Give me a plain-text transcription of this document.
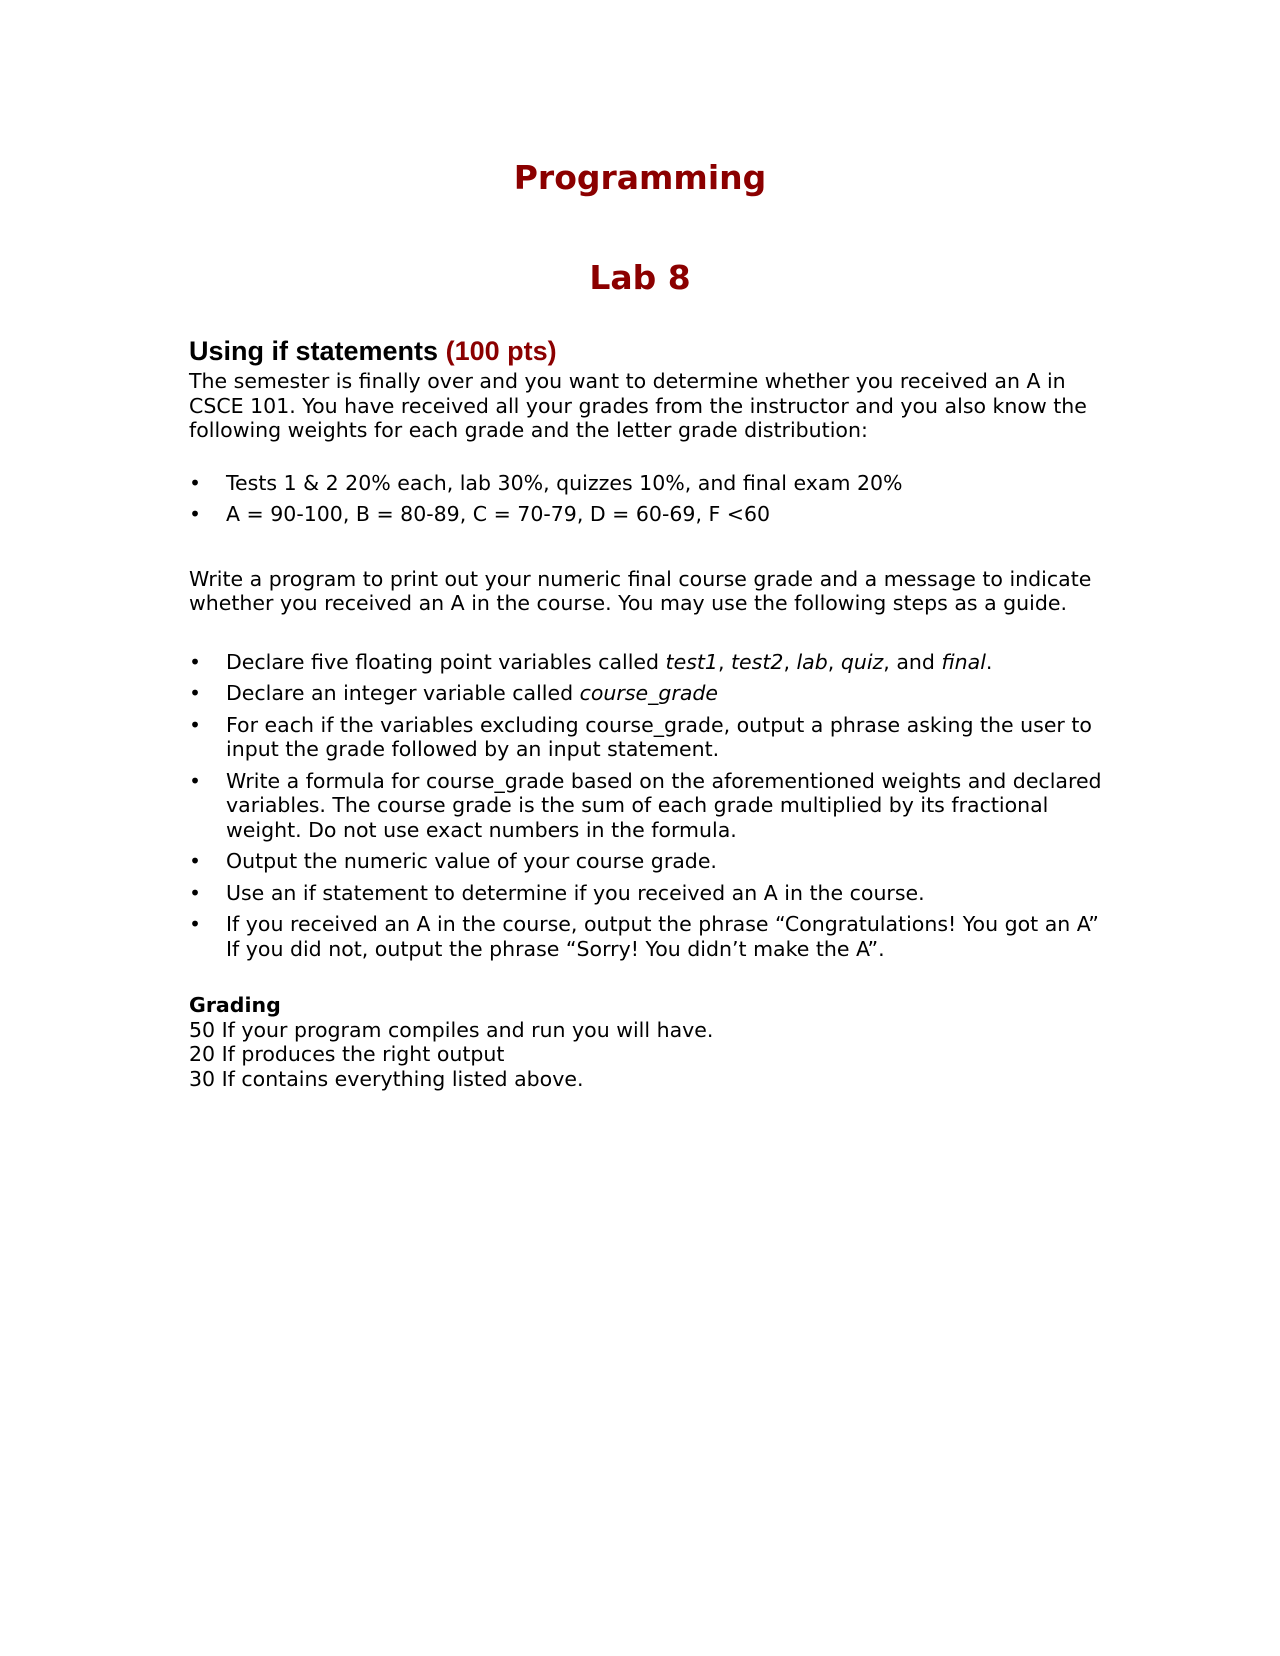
Programming
Lab 8
Using if statements (100 pts)

The semester is finally over and you want to determine whether you received an A in CSCE 101. You have received all your grades from the instructor and you also know the following weights for each grade and the letter grade distribution:

• Tests 1 & 2 20% each, lab 30%, quizzes 10%, and final exam 20%
• A = 90-100, B = 80-89, C = 70-79, D = 60-69, F <60

Write a program to print out your numeric final course grade and a message to indicate whether you received an A in the course. You may use the following steps as a guide.

• Declare five floating point variables called test1, test2, lab, quiz, and final.
• Declare an integer variable called course_grade
• For each if the variables excluding course_grade, output a phrase asking the user to input the grade followed by an input statement.
• Write a formula for course_grade based on the aforementioned weights and declared variables. The course grade is the sum of each grade multiplied by its fractional weight. Do not use exact numbers in the formula.
• Output the numeric value of your course grade.
• Use an if statement to determine if you received an A in the course.
• If you received an A in the course, output the phrase “Congratulations! You got an A” If you did not, output the phrase “Sorry! You didn’t make the A”.

Grading

50 If your program compiles and run you will have.

20 If produces the right output

30 If contains everything listed above.
